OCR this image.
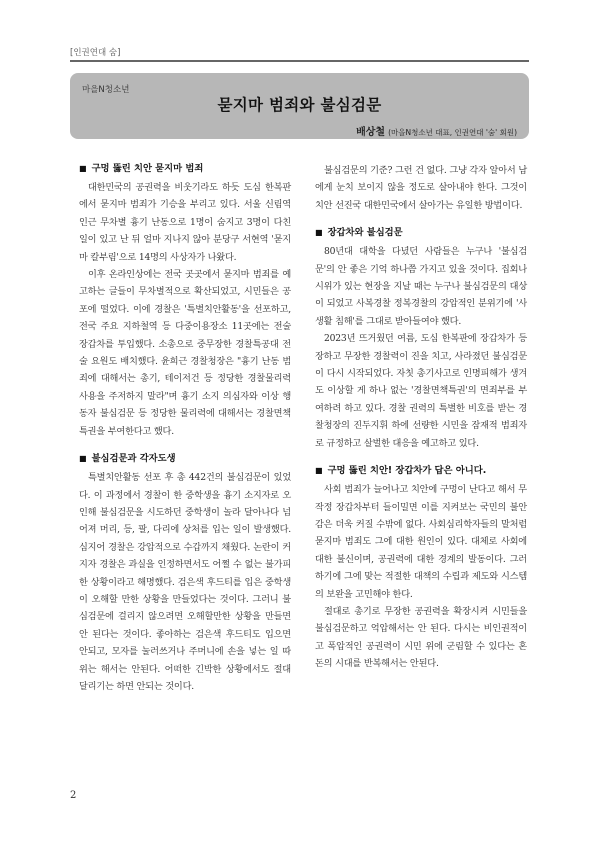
[인권연대 숨]
마을N청소년
묻지마 범죄와 불심검문
배상철 (마을N청소년 대표, 인권연대 '숨' 회원)
■ 구멍 뚫린 치안 묻지마 범죄

대한민국의 공권력을 비웃기라도 하듯 도심 한복판에서 묻지마 범죄가 기승을 부리고 있다. 서울 신림역 인근 무차별 흉기 난동으로 1명이 숨지고 3명이 다친 일이 있고 난 뒤 얼마 지나지 않아 분당구 서현역 '묻지마 칼부림'으로 14명의 사상자가 나왔다.

이후 온라인상에는 전국 곳곳에서 묻지마 범죄를 예고하는 글들이 무차별적으로 확산되었고, 시민들은 공포에 떨었다. 이에 경찰은 '특별치안활동'을 선포하고, 전국 주요 지하철역 등 다중이용장소 11곳에는 전술 장갑차를 투입했다. 소총으로 중무장한 경찰특공대 전술 요원도 배치했다. 윤희근 경찰청장은 "흉기 난동 범죄에 대해서는 총기, 테이저건 등 정당한 경찰물리력 사용을 주저하지 말라"며 흉기 소지 의심자와 이상 행동자 불심검문 등 정당한 물리력에 대해서는 경찰면책특권을 부여한다고 했다.

■ 불심검문과 각자도생

특별치안활동 선포 후 총 442건의 불심검문이 있었다. 이 과정에서 경찰이 한 중학생을 흉기 소지자로 오인해 불심검문을 시도하던 중학생이 놀라 달아나다 넘어져 머리, 등, 팔, 다리에 상처를 입는 일이 발생했다. 심지어 경찰은 강압적으로 수갑까지 채웠다. 논란이 커지자 경찰은 과실을 인정하면서도 어쩔 수 없는 불가피한 상황이라고 해명했다. 검은색 후드티를 입은 중학생이 오해할 만한 상황을 만들었다는 것이다. 그러니 불심검문에 걸리지 않으려면 오해할만한 상황을 만들면 안 된다는 것이다. 좋아하는 검은색 후드티도 입으면 안되고, 모자를 눌러쓰거나 주머니에 손을 넣는 일 따위는 해서는 안된다. 어떠한 긴박한 상황에서도 절대 달리기는 하면 안되는 것이다.

불심검문의 기준? 그런 건 없다. 그냥 각자 알아서 남에게 눈치 보이지 않을 정도로 살아내야 한다. 그것이 치안 선진국 대한민국에서 살아가는 유일한 방법이다.

■ 장갑차와 불심검문

80년대 대학을 다녔던 사람들은 누구나 '불심검문'의 안 좋은 기억 하나쯤 가지고 있을 것이다. 집회나 시위가 있는 현장을 지날 때는 누구나 불심검문의 대상이 되었고 사복경찰 정복경찰의 강압적인 분위기에 '사생활 침해'를 그대로 받아들여야 했다.

2023년 뜨거웠던 여름, 도심 한복판에 장갑차가 등장하고 무장한 경찰력이 진을 치고, 사라졌던 불심검문이 다시 시작되었다. 자칫 총기사고로 인명피해가 생겨도 이상할 게 하나 없는 '경찰면책특권'의 면죄부를 부여하려 하고 있다. 경찰 권력의 특별한 비호를 받는 경찰청장의 진두지휘 하에 선량한 시민을 잠재적 범죄자로 규정하고 살벌한 대응을 예고하고 있다.

■ 구멍 뚫린 치안! 장갑차가 답은 아니다.

사회 범죄가 늘어나고 치안에 구멍이 난다고 해서 무작정 장갑차부터 들이밀면 이를 지켜보는 국민의 불안감은 더욱 커질 수밖에 없다. 사회심리학자들의 말처럼 묻지마 범죄도 그에 대한 원인이 있다. 대체로 사회에 대한 불신이며, 공권력에 대한 경계의 발동이다. 그러하기에 그에 맞는 적절한 대책의 수립과 제도와 시스템의 보완을 고민해야 한다.

절대로 총기로 무장한 공권력을 확장시켜 시민들을 불심검문하고 억압해서는 안 된다. 다시는 비인권적이고 폭압적인 공권력이 시민 위에 군림할 수 있다는 혼돈의 시대를 반복해서는 안된다.

2
